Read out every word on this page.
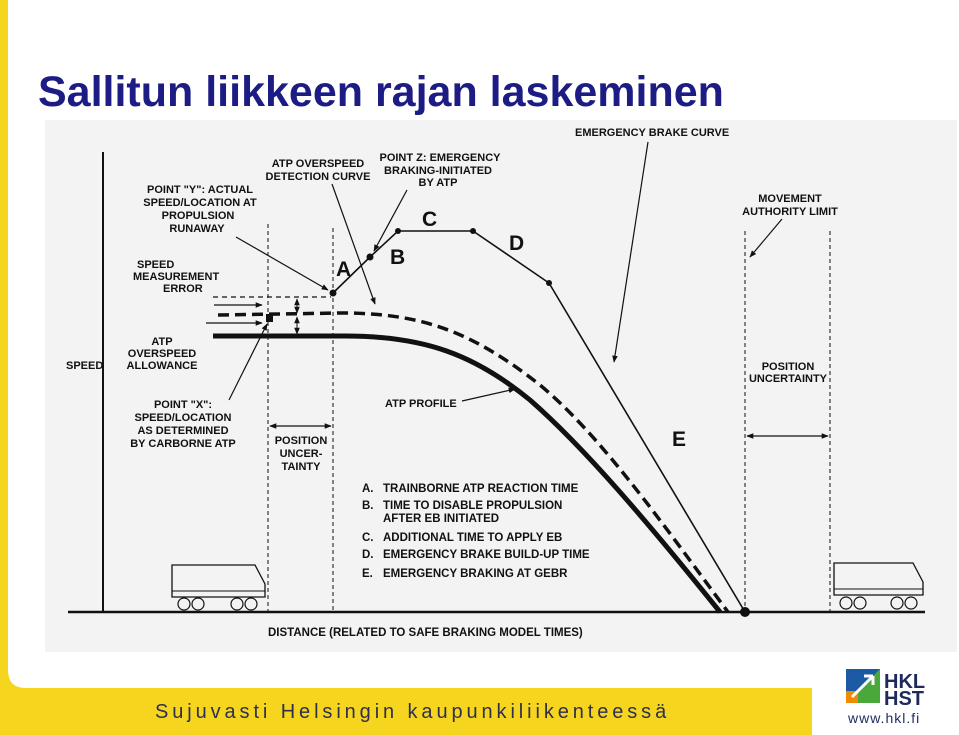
SPEED
DISTANCE (RELATED TO SAFE BRAKING MODEL TIMES)
EMERGENCY BRAKE CURVE
MOVEMENT
AUTHORITY LIMIT
ATP OVERSPEED
DETECTION CURVE
POINT Z: EMERGENCY
BRAKING-INITIATED
BY ATP
POINT "Y": ACTUAL
SPEED/LOCATION AT
PROPULSION
RUNAWAY
SPEED
MEASUREMENT
ERROR
ATP
OVERSPEED
ALLOWANCE
POINT "X":
SPEED/LOCATION
AS DETERMINED
BY CARBORNE ATP	POSITION
UNCER-
TAINTY
POSITION
UNCERTAINTY
ATP PROFILE
A
B
C
D
E
A. TRAINBORNE ATP REACTION TIME
B. TIME TO DISABLE PROPULSION
AFTER EB INITIATED
C. ADDITIONAL TIME TO APPLY EB
D. EMERGENCY BRAKE BUILD-UP TIME
E. EMERGENCY BRAKING AT GEBR
HKL
HST
www.hkl.fi
Sallitun liikkeen rajan laskeminen
Sujuvasti Helsingin kaupunkiliikenteessä
